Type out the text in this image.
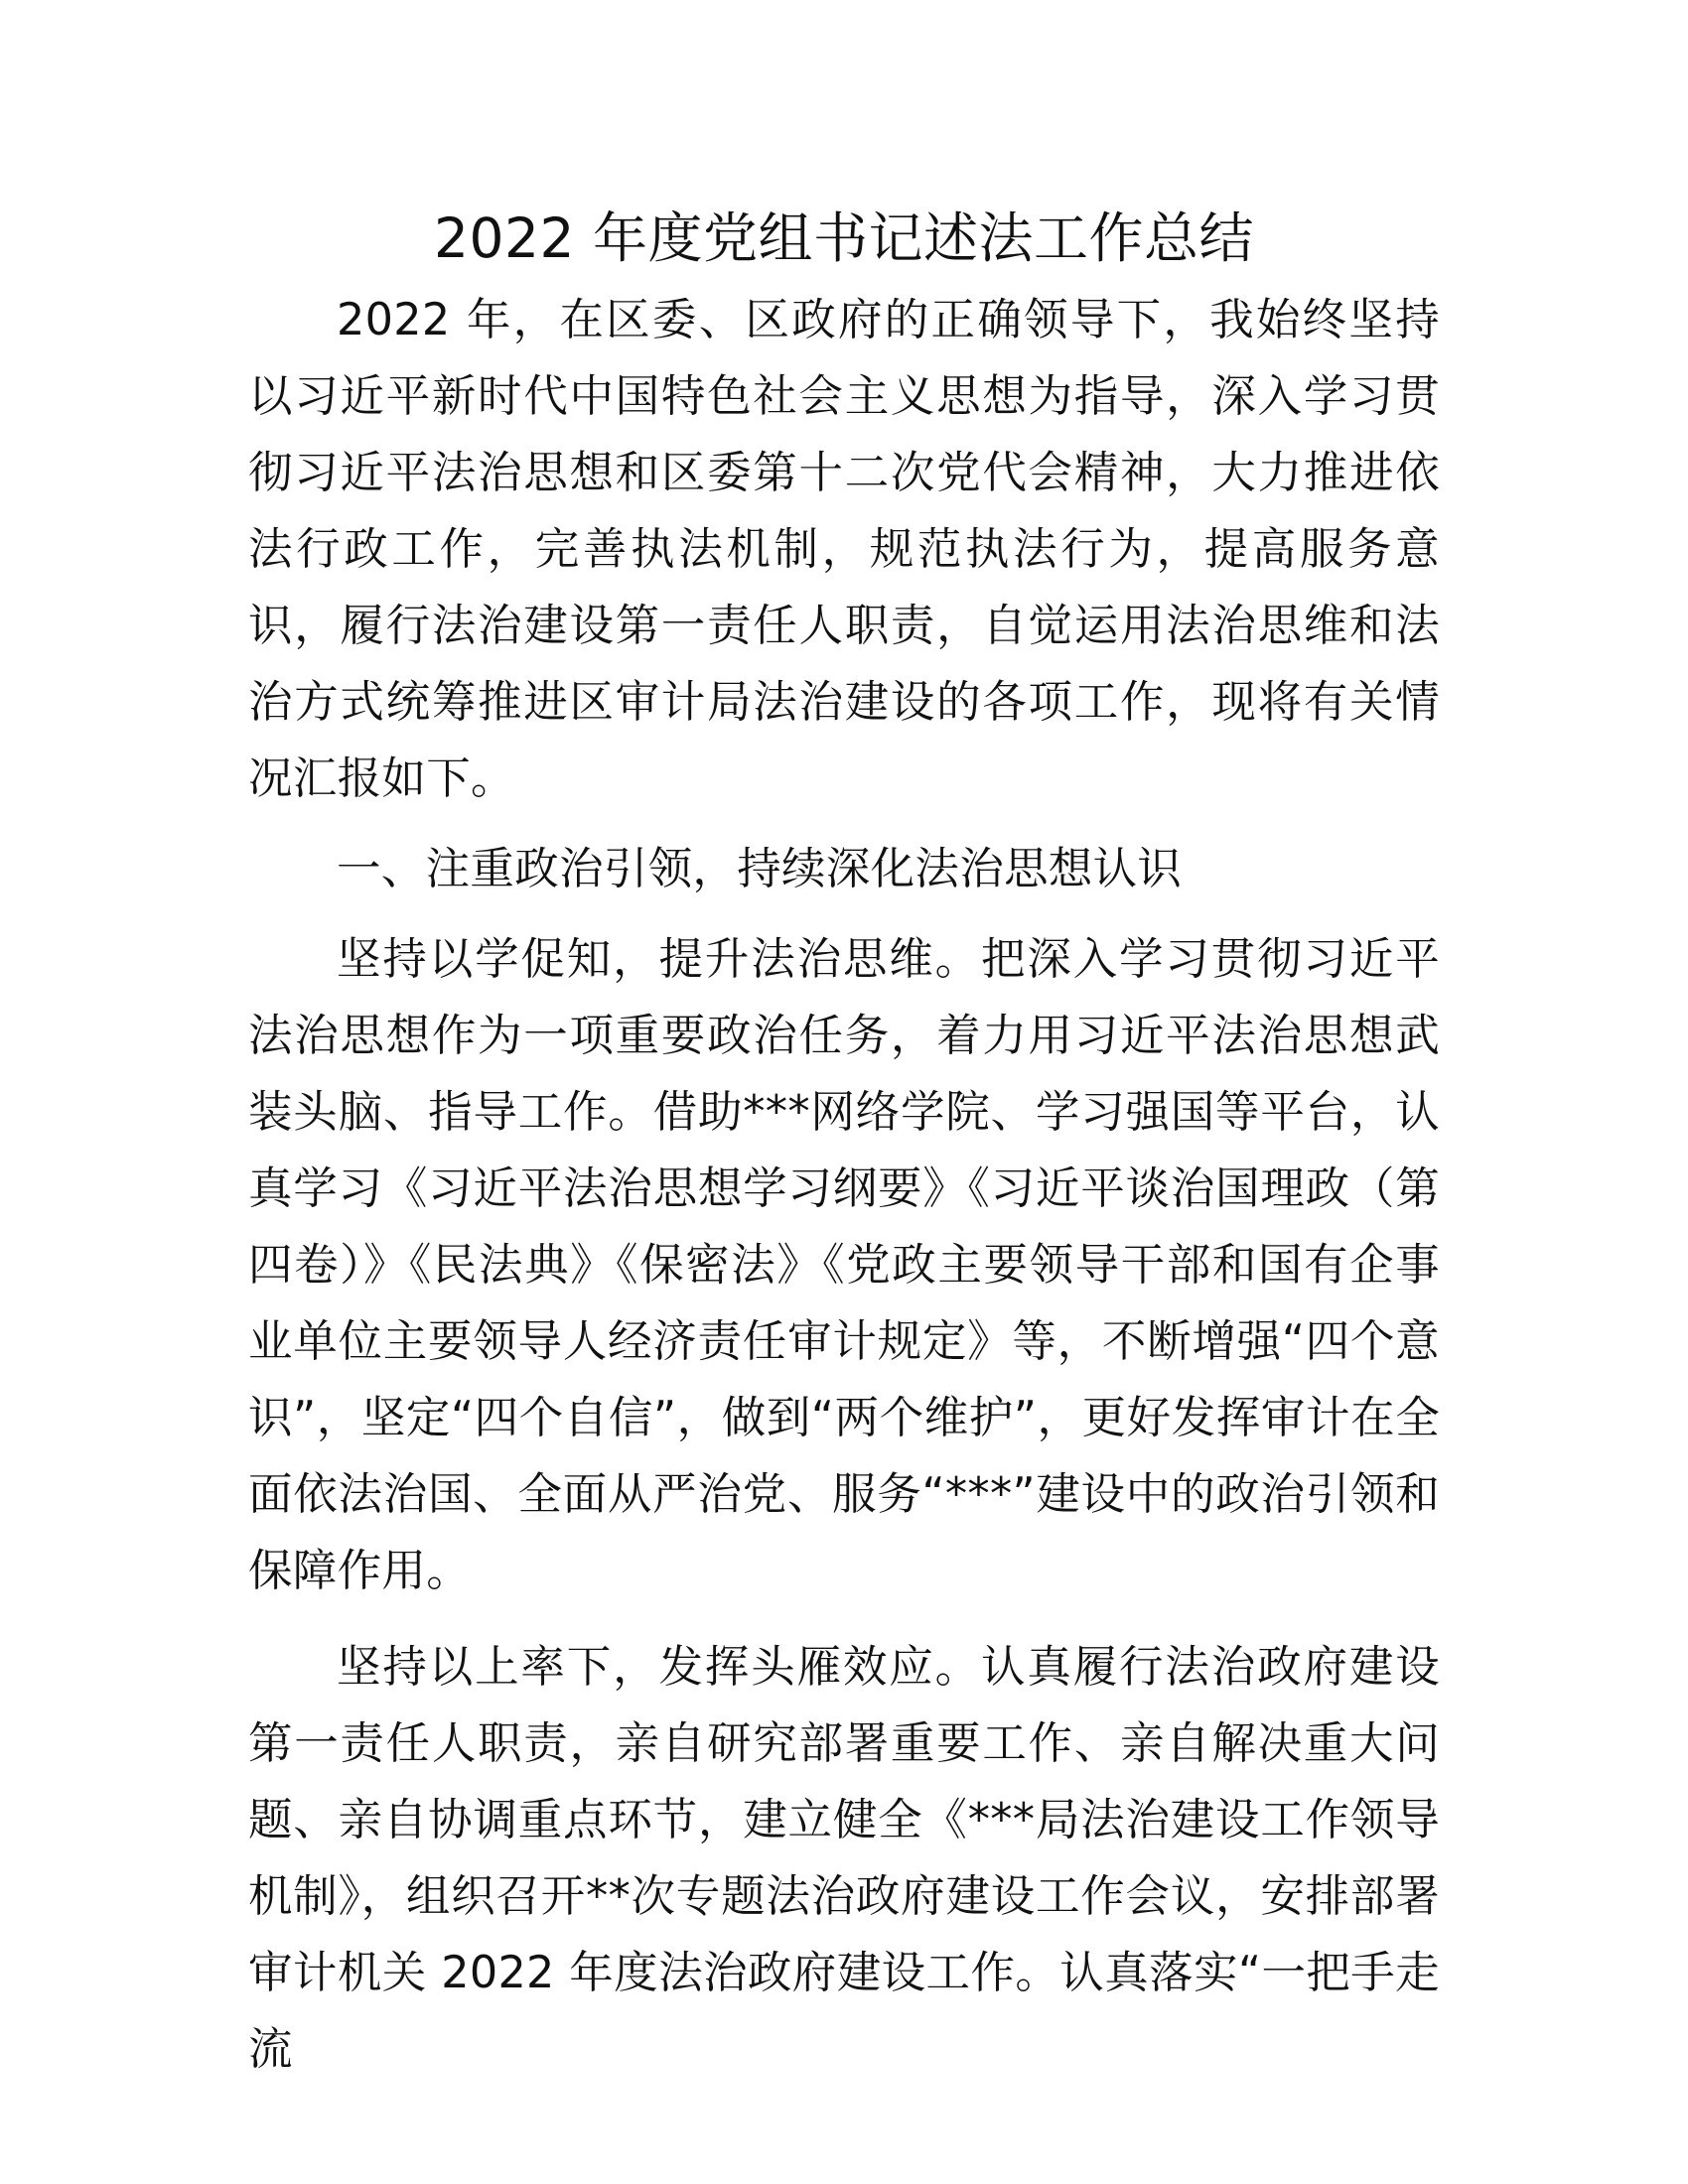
2022 年度党组书记述法工作总结

2022 年，在区委、区政府的正确领导下，我始终坚持以习近平新时代中国特色社会主义思想为指导，深入学习贯彻习近平法治思想和区委第十二次党代会精神，大力推进依法行政工作，完善执法机制，规范执法行为，提高服务意识，履行法治建设第一责任人职责，自觉运用法治思维和法治方式统筹推进区审计局法治建设的各项工作，现将有关情况汇报如下。

一、注重政治引领，持续深化法治思想认识

坚持以学促知，提升法治思维。把深入学习贯彻习近平法治思想作为一项重要政治任务，着力用习近平法治思想武装头脑、指导工作。借助***网络学院、学习强国等平台，认真学习《习近平法治思想学习纲要》《习近平谈治国理政（第四卷）》《民法典》《保密法》《党政主要领导干部和国有企事业单位主要领导人经济责任审计规定》等，不断增强“四个意识”，坚定“四个自信”，做到“两个维护”，更好发挥审计在全面依法治国、全面从严治党、服务“***”建设中的政治引领和保障作用。

坚持以上率下，发挥头雁效应。认真履行法治政府建设第一责任人职责，亲自研究部署重要工作、亲自解决重大问题、亲自协调重点环节，建立健全《***局法治建设工作领导机制》，组织召开**次专题法治政府建设工作会议，安排部署审计机关 2022 年度法治政府建设工作。认真落实“一把手走流
